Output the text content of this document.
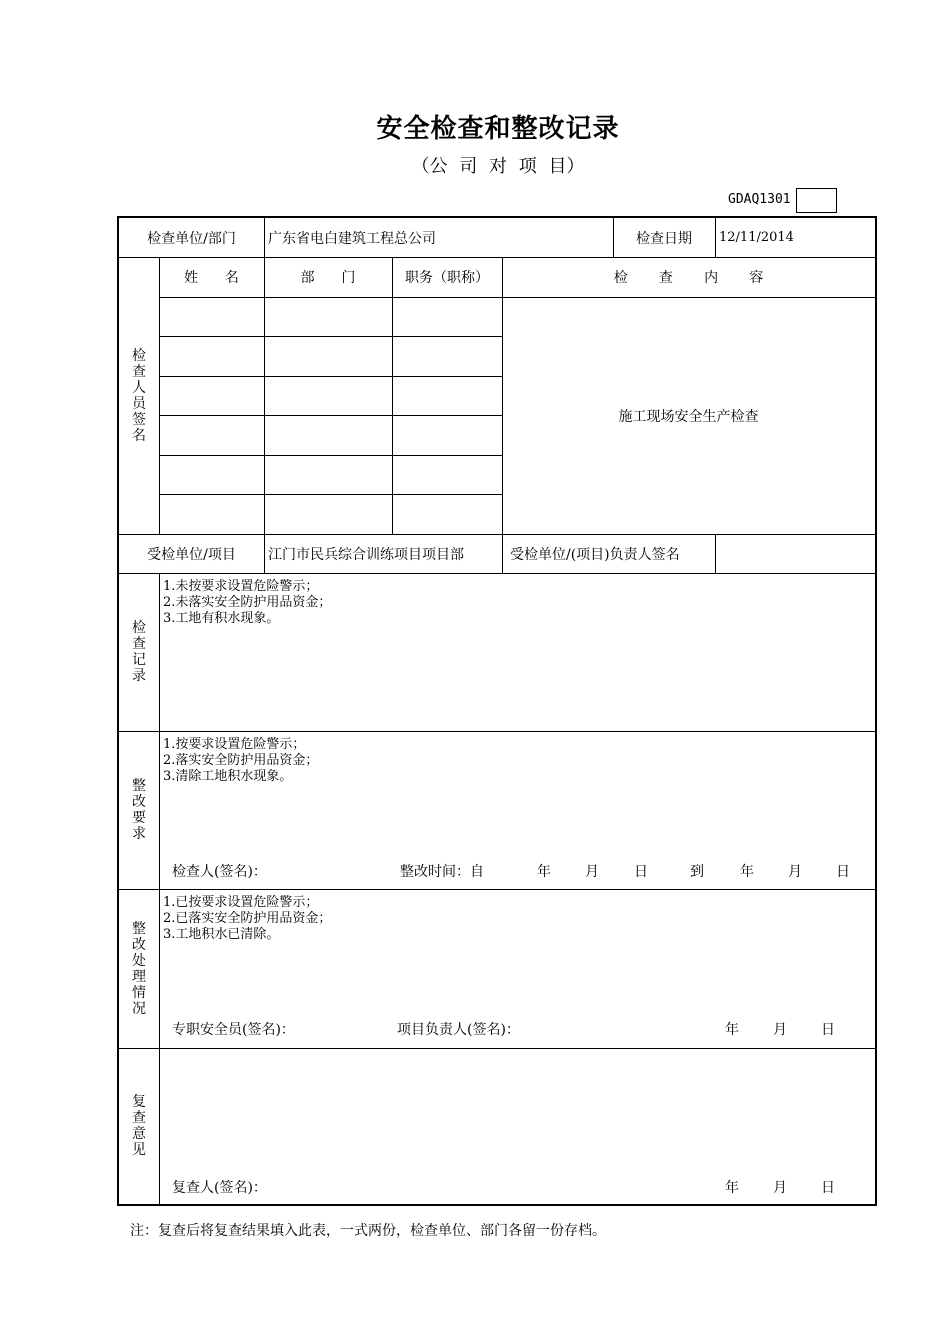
安全检查和整改记录
（公 司 对 项 目）
GDAQ1301
检查单位/部门	广东省电白建筑工程总公司	检查日期	12/11/2014
检
查
人
员
签
名
姓      名	部      门	职务（职称）	检       查       内       容
施工现场安全生产检查
受检单位/项目	江门市民兵综合训练项目项目部	受检单位/(项目)负责人签名
检
查
记
录
1.未按要求设置危险警示；
2.未落实安全防护用品资金；
3.工地有积水现象。
整
改
要
求
1.按要求设置危险警示；
2.落实安全防护用品资金；
3.清除工地积水现象。
检查人(签名)：	整改时间：自	年 月	日	到	年 月 日
整
改
处
理
情
况
1.已按要求设置危险警示；
2.已落实安全防护用品资金；
3.工地积水已清除。
专职安全员(签名)：	项目负责人(签名)：	年 月 日
复
查
意
见
复查人(签名)：	年 月 日
注：复查后将复查结果填入此表，一式两份，检查单位、部门各留一份存档。
